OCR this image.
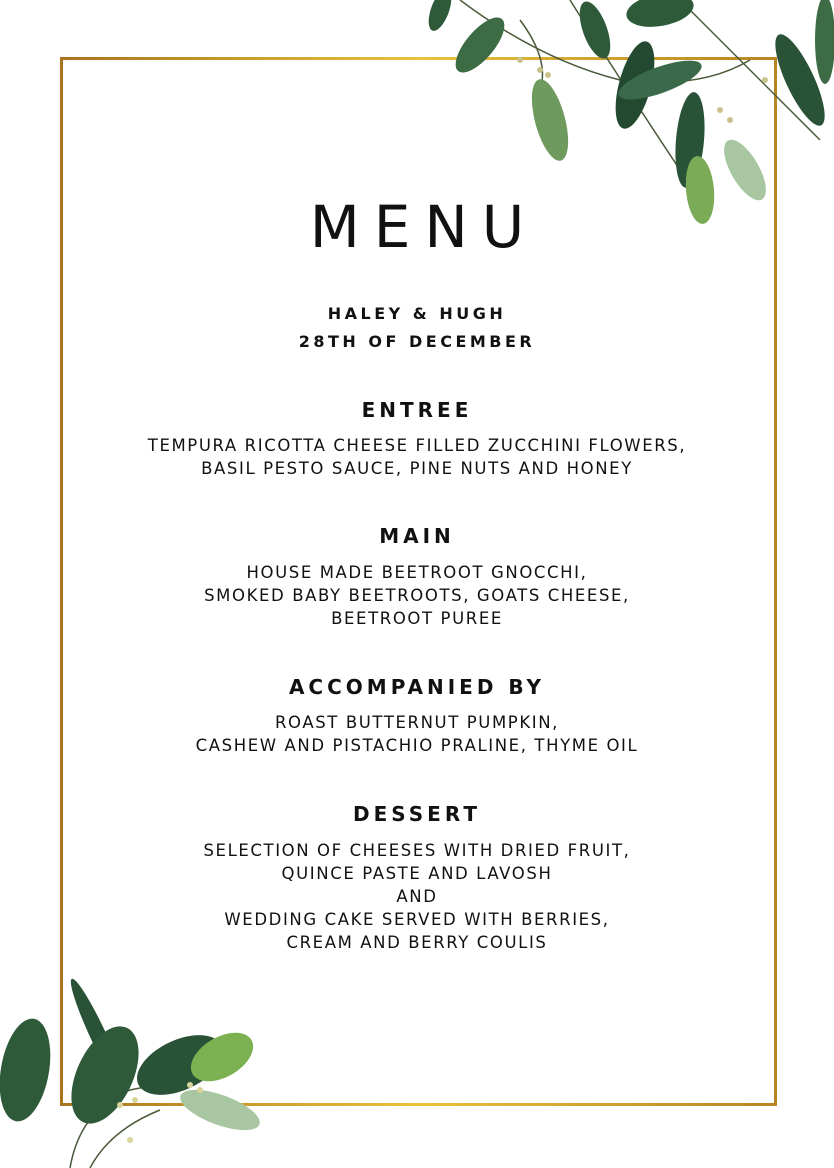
MENU
HALEY & HUGH
28TH OF DECEMBER
ENTREE
TEMPURA RICOTTA CHEESE FILLED ZUCCHINI FLOWERS,
BASIL PESTO SAUCE, PINE NUTS AND HONEY
MAIN
HOUSE MADE BEETROOT GNOCCHI,
SMOKED BABY BEETROOTS, GOATS CHEESE,
BEETROOT PUREE
ACCOMPANIED BY
ROAST BUTTERNUT PUMPKIN,
CASHEW AND PISTACHIO PRALINE, THYME OIL
DESSERT
SELECTION OF CHEESES WITH DRIED FRUIT,
QUINCE PASTE AND LAVOSH
AND
WEDDING CAKE SERVED WITH BERRIES,
CREAM AND BERRY COULIS
